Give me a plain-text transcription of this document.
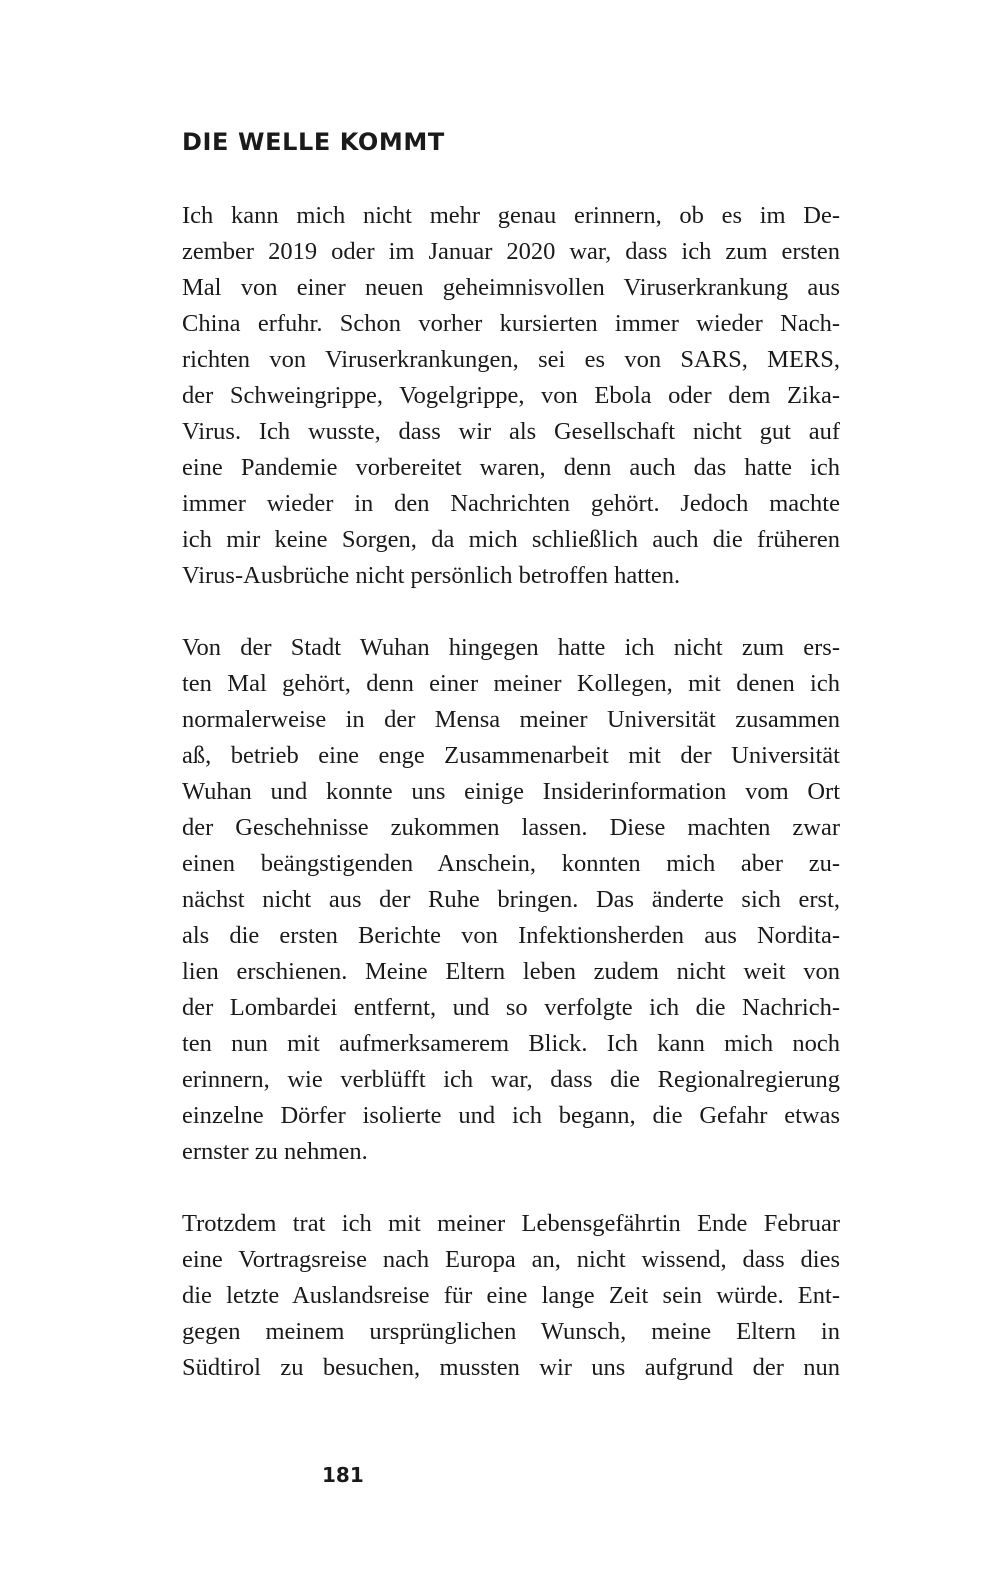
DIE WELLE KOMMT

Ich kann mich nicht mehr genau erinnern, ob es im De-
zember 2019 oder im Januar 2020 war, dass ich zum ersten
Mal von einer neuen geheimnisvollen Viruserkrankung aus
China erfuhr. Schon vorher kursierten immer wieder Nach-
richten von Viruserkrankungen, sei es von SARS, MERS,
der Schweingrippe, Vogelgrippe, von Ebola oder dem Zika-
Virus. Ich wusste, dass wir als Gesellschaft nicht gut auf
eine Pandemie vorbereitet waren, denn auch das hatte ich
immer wieder in den Nachrichten gehört. Jedoch machte
ich mir keine Sorgen, da mich schließlich auch die früheren
Virus-Ausbrüche nicht persönlich betroffen hatten.

Von der Stadt Wuhan hingegen hatte ich nicht zum ers-
ten Mal gehört, denn einer meiner Kollegen, mit denen ich
normalerweise in der Mensa meiner Universität zusammen
aß, betrieb eine enge Zusammenarbeit mit der Universität
Wuhan und konnte uns einige Insiderinformation vom Ort
der Geschehnisse zukommen lassen. Diese machten zwar
einen beängstigenden Anschein, konnten mich aber zu-
nächst nicht aus der Ruhe bringen. Das änderte sich erst,
als die ersten Berichte von Infektionsherden aus Nordita-
lien erschienen. Meine Eltern leben zudem nicht weit von
der Lombardei entfernt, und so verfolgte ich die Nachrich-
ten nun mit aufmerksamerem Blick. Ich kann mich noch
erinnern, wie verblüfft ich war, dass die Regionalregierung
einzelne Dörfer isolierte und ich begann, die Gefahr etwas
ernster zu nehmen.

Trotzdem trat ich mit meiner Lebensgefährtin Ende Februar
eine Vortragsreise nach Europa an, nicht wissend, dass dies
die letzte Auslandsreise für eine lange Zeit sein würde. Ent-
gegen meinem ursprünglichen Wunsch, meine Eltern in
Südtirol zu besuchen, mussten wir uns aufgrund der nun

181
